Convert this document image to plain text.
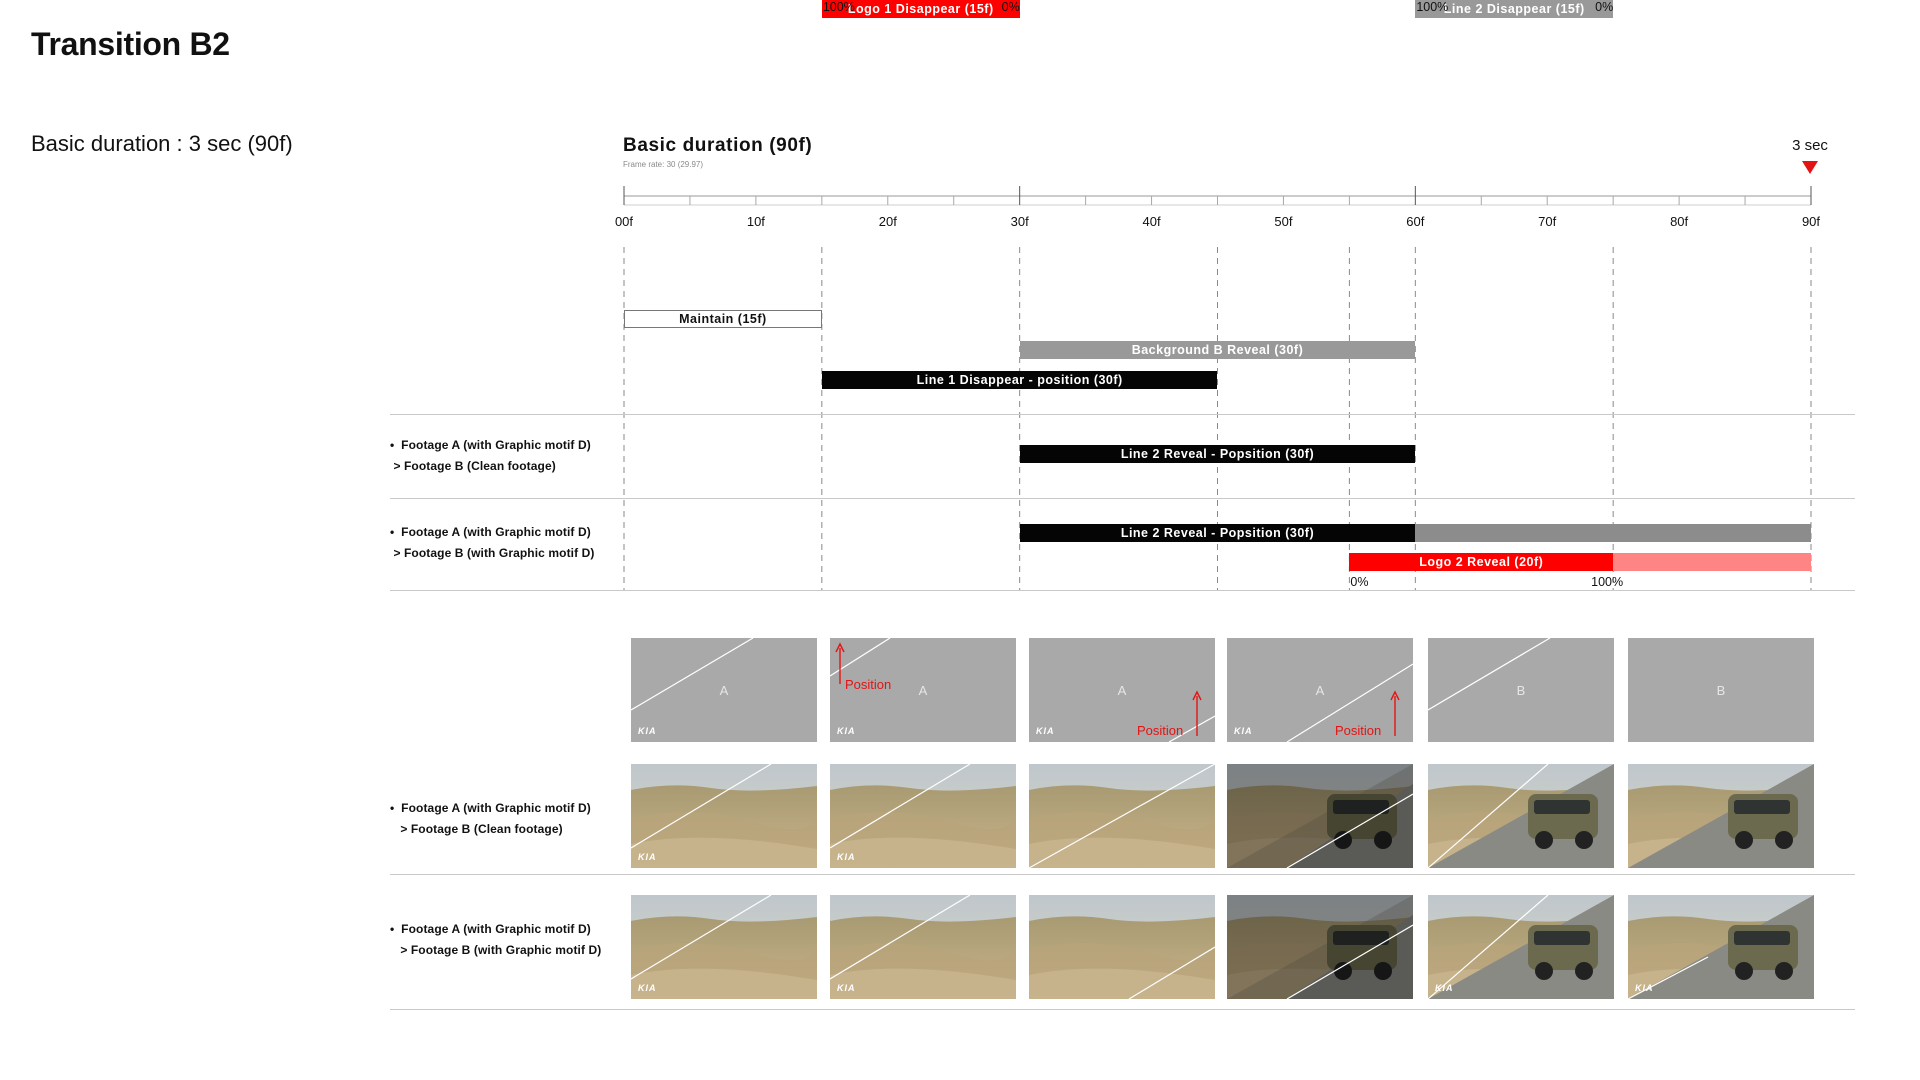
Transition B2
Basic duration : 3 sec (90f)	Basic duration (90f)
Frame rate: 30 (29.97)
3 sec
00f	10f	20f	30f	40f	50f	60f	70f	80f	90f
Maintain (15f)
Background B Reveal (30f)
Line 1 Disappear - position (30f)
Logo 1 Disappear (15f)
100%	0%
Line 2 Reveal - Popsition (30f)
Line 2 Disappear (15f)
100%	0%
Line 2 Reveal - Popsition (30f)
Logo 2 Reveal (20f)
0%	100%
•  Footage A (with Graphic motif D)
> Footage B (Clean footage)
•  Footage A (with Graphic motif D)
> Footage B (with Graphic motif D)
•  Footage A (with Graphic motif D)
> Footage B (Clean footage)
•  Footage A (with Graphic motif D)
> Footage B (with Graphic motif D)
A
KIA
A
Position
KIA
A
Position
KIA
A
Position
KIA
B	B
KIA	KIA
KIA	KIA	KIA	KIA
